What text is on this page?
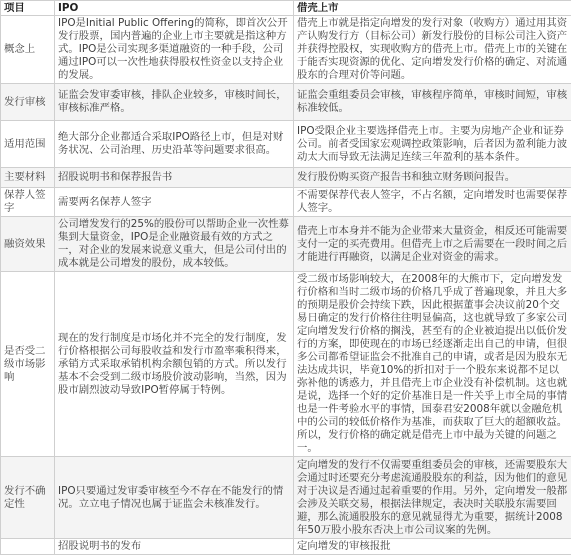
项目	IPO	借壳上市
概念上	IPO是Initial Public Offering的简称，即首次公开发行股票，国内普遍的企业上市主要就是指这种方式。IPO是公司实现多渠道融资的一种手段，公司通过IPO可以一次性地获得股权性资金以支持企业的发展。	借壳上市就是指定向增发的发行对象（收购方）通过用其资产认购发行方（目标公司）新发行股份的目标公司注入资产并获得控股权，实现收购方的借壳上市。借壳上市的关键在于能否实现资源的优化、定向增发发行价格的确定、对流通股东的合理对价等问题。
发行审核	证监会发审委审核，排队企业较多，审核时间长，审核标准严格。	证监会重组委员会审核，审核程序简单，审核时间短，审核标准较低。
适用范围	绝大部分企业都适合采取IPO路径上市，但是对财务状况、公司治理、历史沿革等问题要求很高。	IPO受限企业主要选择借壳上市。主要为房地产企业和证券公司。前者受国家宏观调控政策影响，后者因为盈利能力波动太大而导致无法满足连续三年盈利的基本条件。
主要材料	招股说明书和保荐报告书	发行股份购买资产报告书和独立财务顾问报告。
保荐人签字	需要两名保荐人签字	不需要保荐代表人签字，不占名额，定向增发时也需要保荐人签字。
融资效果	公司增发发行的25%的股份可以帮助企业一次性募集到大量资金，IPO是企业融资最有效的方式之一，对企业的发展来说意义重大，但是公司付出的成本就是公司增发的股份，成本较低。	借壳上市本身并不能为企业带来大量资金，相反还可能需要支付一定的买壳费用。但借壳上市之后需要在一段时间之后才能进行再融资，以满足企业对资金的需求。
是否受二级市场影响	现在的发行制度是市场化并不完全的发行制度，发行价格根据公司每股收益和发行市盈率乘积得来，承销方式采取承销机构余额包销的方式。所以发行基本不会受到二级市场股价波动影响，当然，因为股市剧烈波动导致IPO暂停属于特例。	受二级市场影响较大，在2008年的大熊市下，定向增发发行价格和当时二级市场的价格几乎成了普遍现象，并且大多的预期是股价会持续下跌，因此根据董事会决议前20个交易日确定的发行价格往往明显偏高，这也就导致了多家公司定向增发发行价格的搁浅，甚至有的企业被迫提出以低价发行的方案，即使现在的市场已经逐渐走出自己的申请，但很多公司都希望证监会不批准自己的申请，或者是因为股东无法达成共识，毕竟10%的折扣对于一个股东来说都不足以弥补他的诱惑力，并且借壳上市企业没有补偿机制。这也就是说，选择一个好的定价基准日是一件关乎上市全局的事情也是一件考验水平的事情，国泰君安2008年就以金融危机中的公司的较低价格作为基准，而获取了巨大的超额收益。所以，发行价格的确定就是借壳上市中最为关键的问题之一。
发行不确定性	IPO只要通过发审委审核至今不存在不能发行的情况。立立电子情况也属于证监会未核准发行。	定向增发的发行不仅需要重组委员会的审核，还需要股东大会通过时还要充分考虑流通股股东的利益，因为他们的意见对于决议是否通过起着重要的作用。另外，定向增发一般都会涉及关联交易，根据法律规定，表决时关联股东需要回避，那么流通股股东的意见就显得尤为重要，据统计2008年50万股小股东否决上市公司议案的先例。
	招股说明书的发布	定向增发的审核报批
